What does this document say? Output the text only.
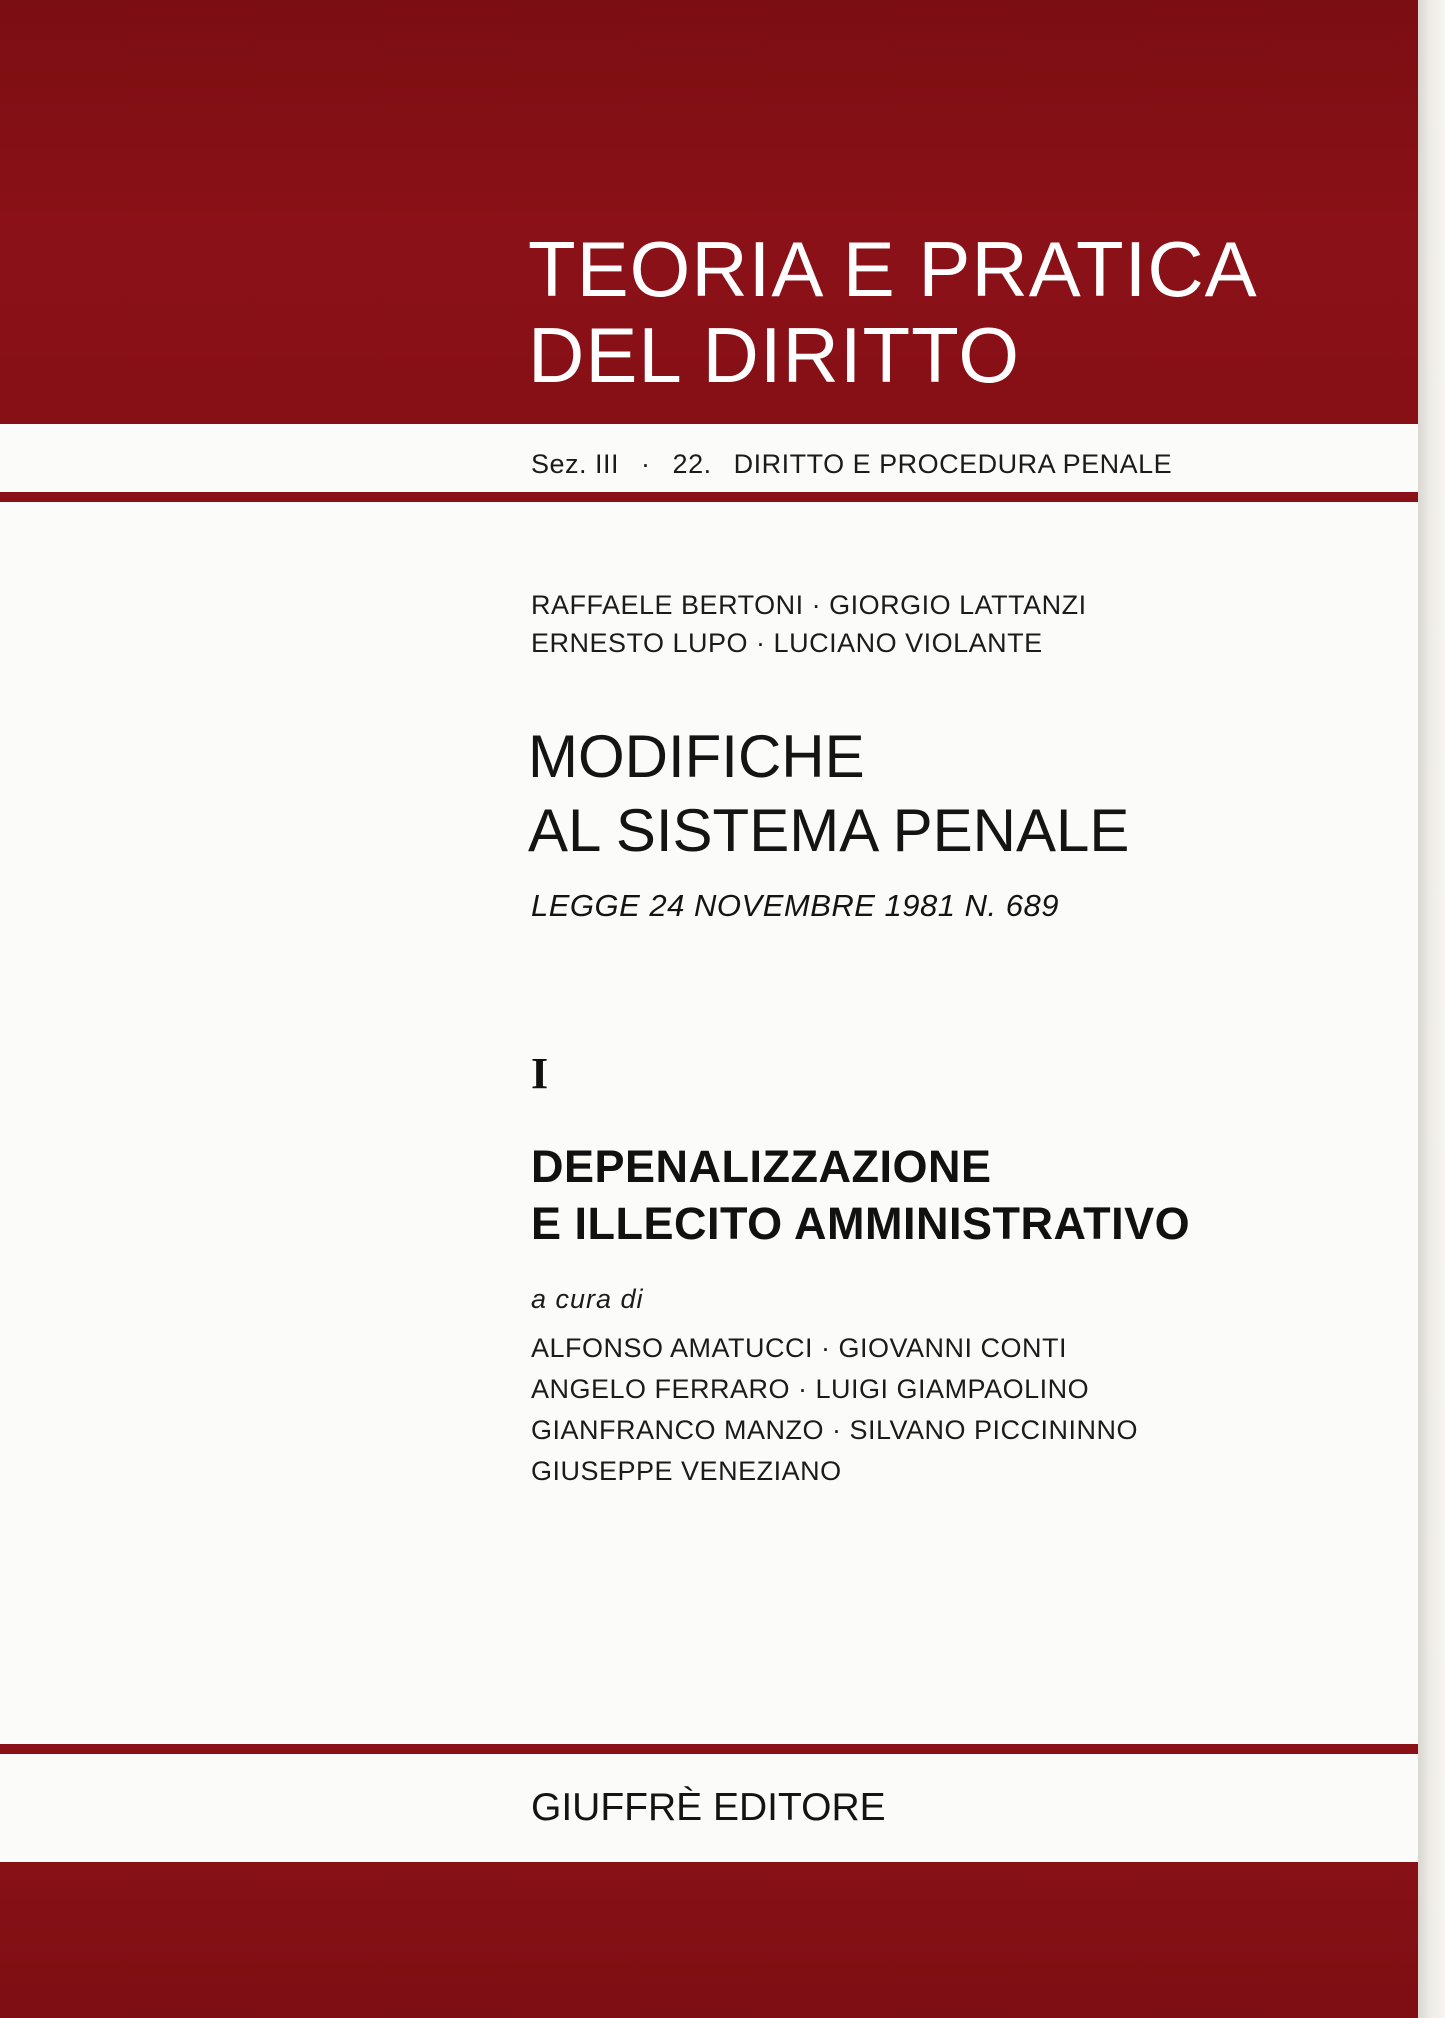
TEORIA E PRATICA
DEL DIRITTO
Sez. III · 22. DIRITTO E PROCEDURA PENALE
RAFFAELE BERTONI · GIORGIO LATTANZI
ERNESTO LUPO · LUCIANO VIOLANTE
MODIFICHE
AL SISTEMA PENALE
LEGGE 24 NOVEMBRE 1981 N. 689
I
DEPENALIZZAZIONE
E ILLECITO AMMINISTRATIVO
a cura di
ALFONSO AMATUCCI · GIOVANNI CONTI
ANGELO FERRARO · LUIGI GIAMPAOLINO
GIANFRANCO MANZO · SILVANO PICCININNO
GIUSEPPE VENEZIANO
GIUFFRÈ EDITORE
